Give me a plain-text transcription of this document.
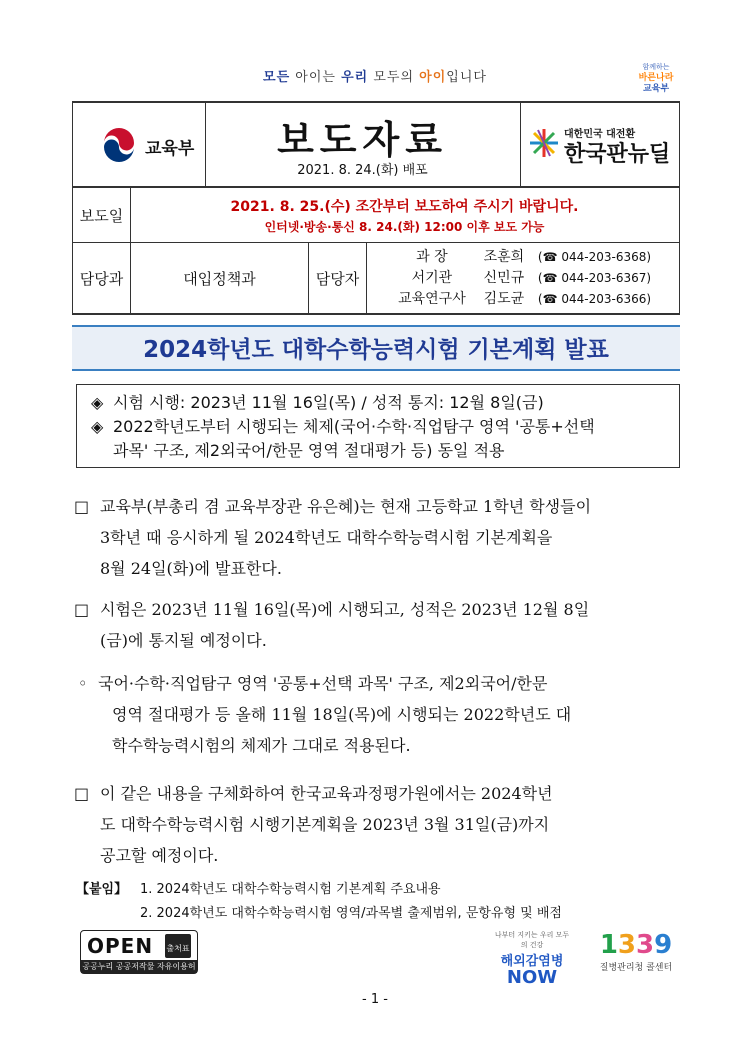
모든 아이는 우리 모두의 아이입니다
함께하는
바른나라
교육부
교육부	보도자료
2021. 8. 24.(화) 배포
대한민국 대전환
한국판뉴딜
보도일	2021. 8. 25.(수) 조간부터 보도하여 주시기 바랍니다.
인터넷·방송·통신 8. 24.(화) 12:00 이후 보도 가능
담당과	대입정책과	담당자
과 장	조훈희 (☎ 044-203-6368)
서기관 신민규 (☎ 044-203-6367)
교육연구사 김도균 (☎ 044-203-6366)
2024학년도 대학수학능력시험 기본계획 발표
◈ 시험 시행: 2023년 11월 16일(목) / 성적 통지: 12월 8일(금)
◈ 2022학년도부터 시행되는 체제(국어·수학·직업탐구 영역 '공통+선택
과목' 구조, 제2외국어/한문 영역 절대평가 등) 동일 적용
□ 교육부(부총리 겸 교육부장관 유은혜)는 현재 고등학교 1학년 학생들이
3학년 때 응시하게 될 2024학년도 대학수학능력시험 기본계획을
8월 24일(화)에 발표한다.
□ 시험은 2023년 11월 16일(목)에 시행되고, 성적은 2023년 12월 8일
(금)에 통지될 예정이다.
◦ 국어·수학·직업탐구 영역 '공통+선택 과목' 구조, 제2외국어/한문
영역 절대평가 등 올해 11월 18일(목)에 시행되는 2022학년도 대
학수학능력시험의 체제가 그대로 적용된다.
□ 이 같은 내용을 구체화하여 한국교육과정평가원에서는 2024학년
도 대학수학능력시험 시행기본계획을 2023년 3월 31일(금)까지
공고할 예정이다.
【붙임】 1. 2024학년도 대학수학능력시험 기본계획 주요내용
2. 2024학년도 대학수학능력시험 영역/과목별 출제범위, 문항유형 및 배점
OPEN 출처표시
공공누리 공공저작물 자유이용허락
나부터 지키는 우리 모두의 건강
해외감염병
NOW
1339
질병관리청 콜센터
- 1 -
